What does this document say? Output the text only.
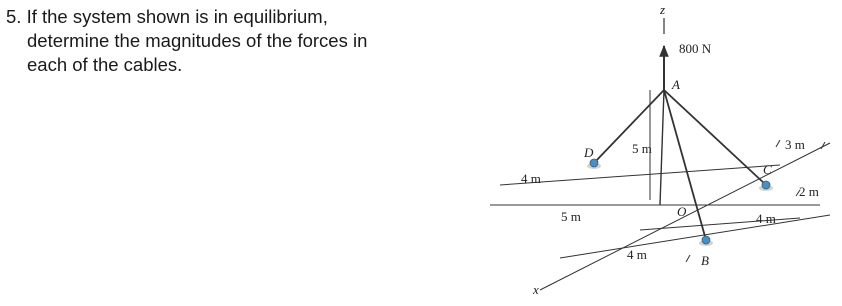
5. If the system shown is in equilibrium,
determine the magnitudes of the forces in
each of the cables.
z
x
800 N
A
D
C
B
O
5 m
4 m
5 m
4 m
3 m
2 m
4 m
